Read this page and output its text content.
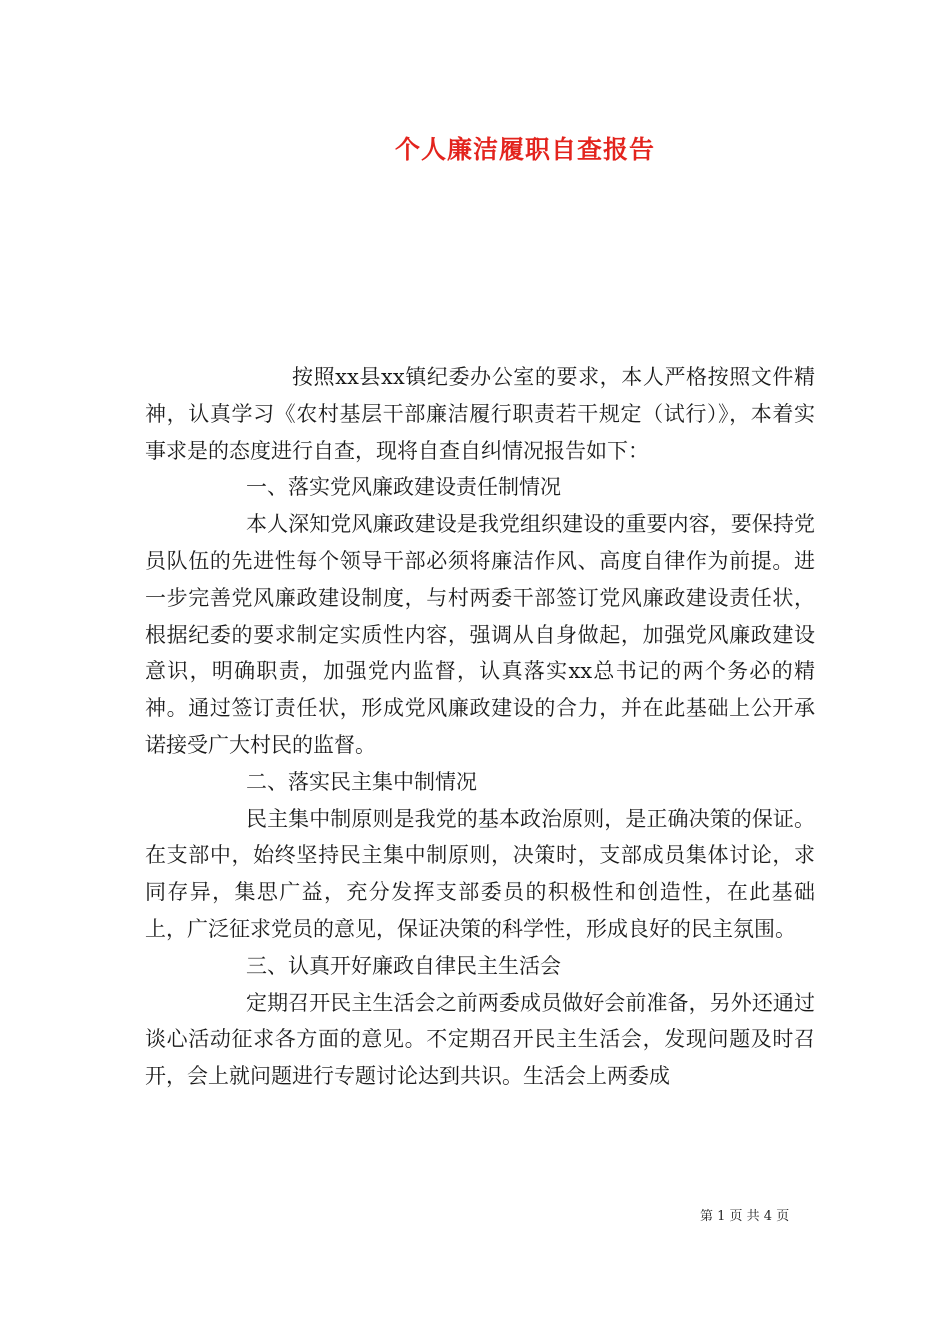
个人廉洁履职自查报告

按照xx县xx镇纪委办公室的要求，本人严格按照文件精神，认真学习《农村基层干部廉洁履行职责若干规定（试行）》，本着实事求是的态度进行自查，现将自查自纠情况报告如下：

一、落实党风廉政建设责任制情况

本人深知党风廉政建设是我党组织建设的重要内容，要保持党员队伍的先进性每个领导干部必须将廉洁作风、高度自律作为前提。进一步完善党风廉政建设制度，与村两委干部签订党风廉政建设责任状，根据纪委的要求制定实质性内容，强调从自身做起，加强党风廉政建设意识，明确职责，加强党内监督，认真落实xx总书记的两个务必的精神。通过签订责任状，形成党风廉政建设的合力，并在此基础上公开承诺接受广大村民的监督。

二、落实民主集中制情况

民主集中制原则是我党的基本政治原则，是正确决策的保证。在支部中，始终坚持民主集中制原则，决策时，支部成员集体讨论，求同存异，集思广益，充分发挥支部委员的积极性和创造性，在此基础上，广泛征求党员的意见，保证决策的科学性，形成良好的民主氛围。

三、认真开好廉政自律民主生活会

定期召开民主生活会之前两委成员做好会前准备，另外还通过谈心活动征求各方面的意见。不定期召开民主生活会，发现问题及时召开，会上就问题进行专题讨论达到共识。生活会上两委成

第 1 页 共 4 页
